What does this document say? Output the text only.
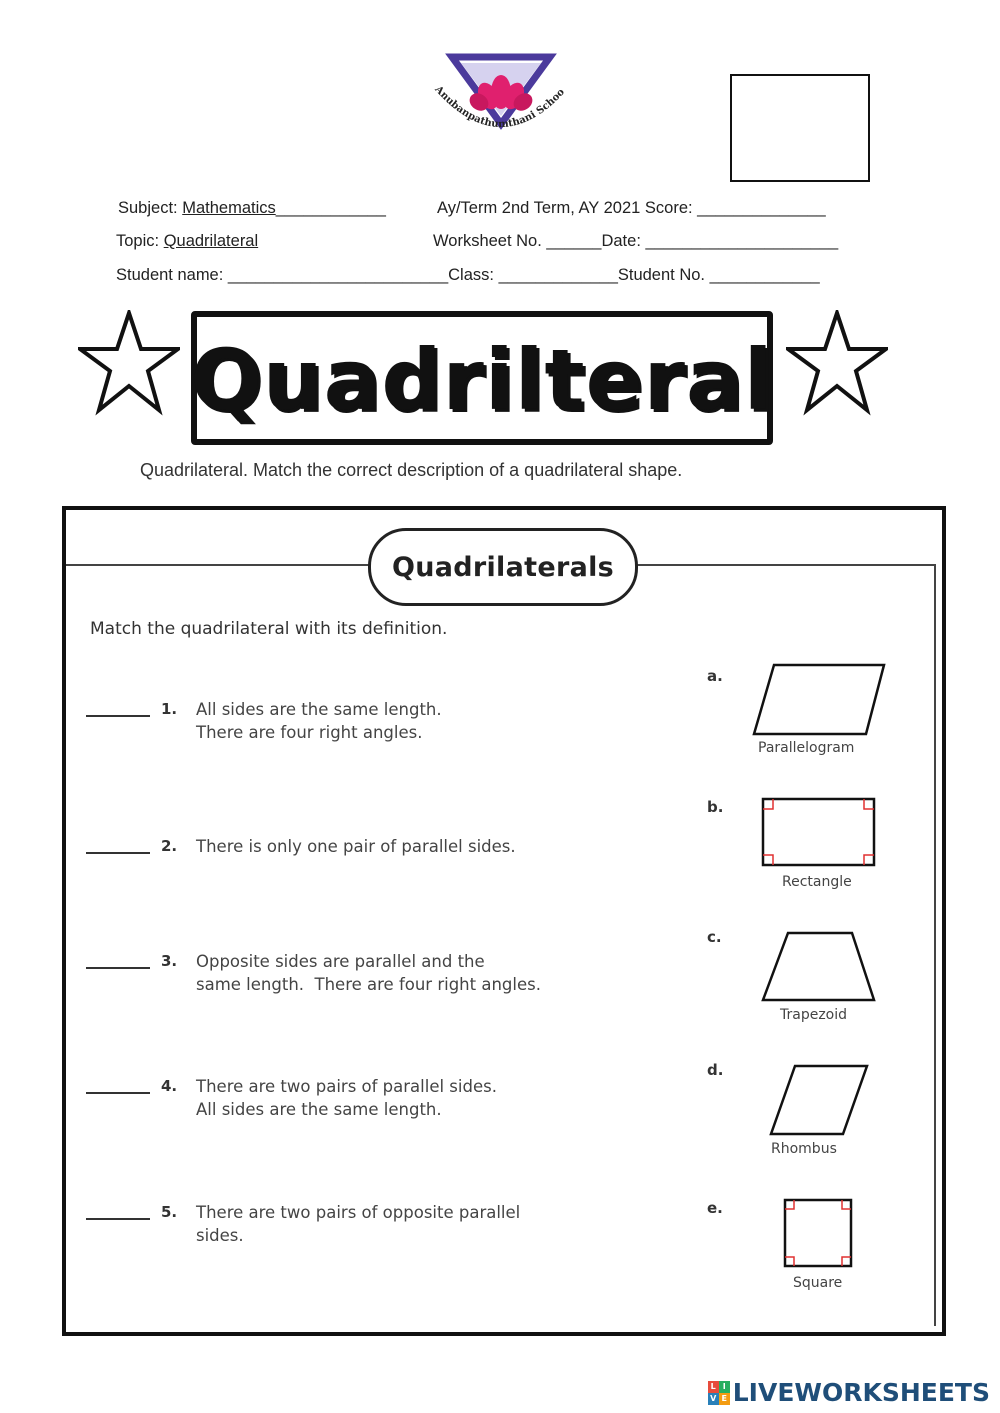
Anubanpathumthani Schoo
Subject: Mathematics____________	Ay/Term 2nd Term, AY 2021 Score: ______________
Topic: Quadrilateral	Worksheet No. ______Date: _____________________
Student name: ________________________Class: _____________Student No. ____________
Quadrilteral
Quadrilateral. Match the correct description of a quadrilateral shape.
Quadrilaterals
Match the quadrilateral with its definition.
1. All sides are the same length.
There are four right angles.
2. There is only one pair of parallel sides.
3. Opposite sides are parallel and the
same length.  There are four right angles.
4. There are two pairs of parallel sides.
All sides are the same length.
5. There are two pairs of opposite parallel
sides.
a.
Parallelogram
b.
Rectangle
c.
Trapezoid
d.
Rhombus
e.
Square
L I
V E LIVEWORKSHEETS
